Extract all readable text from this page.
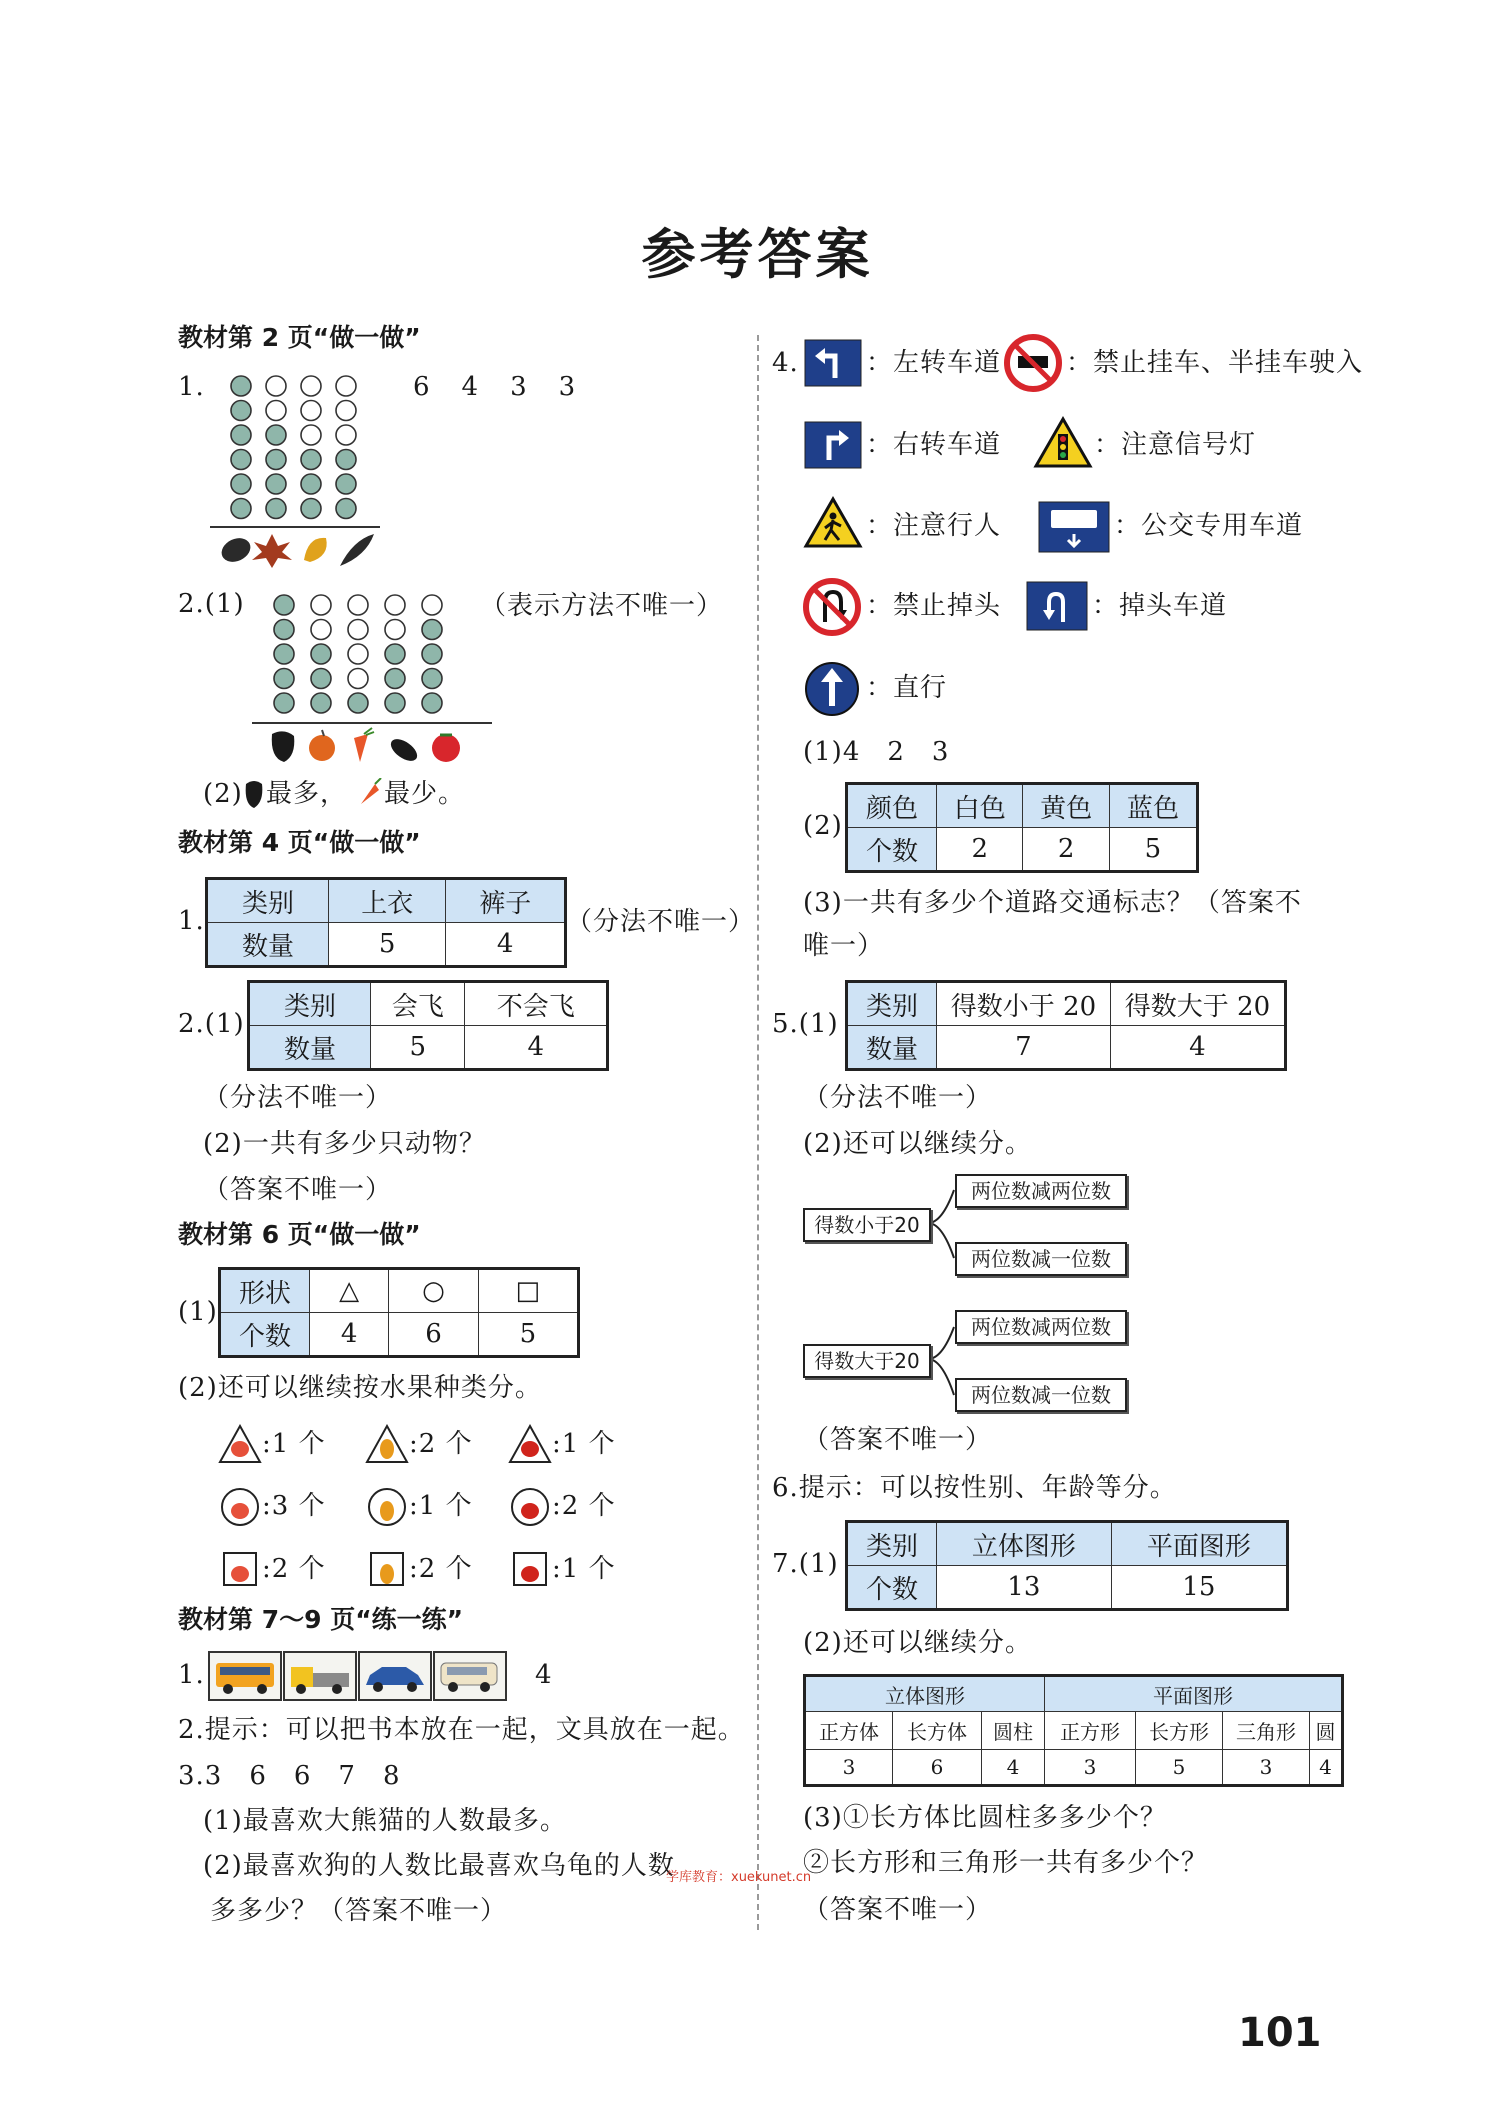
参考答案
教材第 2 页“做一做”
1.	6　4　3　3
2.(1)	（表示方法不唯一）
(2) 最多， 最少。
教材第 4 页“做一做”
1.
类别	上衣	裤子
数量	5	4
（分法不唯一）
2.(1)
类别	会飞	不会飞
数量	5	4
（分法不唯一）
(2)一共有多少只动物？
（答案不唯一）
教材第 6 页“做一做”
(1)
形状	△	○	□
个数	4	6	5
(2)还可以继续按水果种类分。
:1 个	:2 个	:1 个
:3 个	:1 个	:2 个
:2 个	:2 个	:1 个
教材第 7～9 页“练一练”
1.	4
2.提示：可以把书本放在一起，文具放在一起。
3.3　6　6　7　8
(1)最喜欢大熊猫的人数最多。
(2)最喜欢狗的人数比最喜欢乌龟的人数
多多少？（答案不唯一）
4.	：左转车道 ：禁止挂车、半挂车驶入
：右转车道	：注意信号灯
：注意行人	：公交专用车道
：禁止掉头	：掉头车道
：直行
(1)4　2　3
(2)
颜色	白色	黄色	蓝色
个数	2	2	5
(3)一共有多少个道路交通标志？（答案不
唯一）
5.(1)
类别	得数小于 20	得数大于 20
数量	7	4
（分法不唯一）
(2)还可以继续分。
得数小于20
两位数减两位数
两位数减一位数
得数大于20
两位数减两位数
两位数减一位数
（答案不唯一）
6.提示：可以按性别、年龄等分。
7.(1)
类别	立体图形	平面图形
个数	13	15
(2)还可以继续分。
立体图形			平面图形			
正方体	长方体	圆柱	正方形	长方形	三角形	圆
3	6	4	3	5	3	4
(3)①长方体比圆柱多多少个？
②长方形和三角形一共有多少个？
（答案不唯一）
学库教育：xuekunet.cn
101
